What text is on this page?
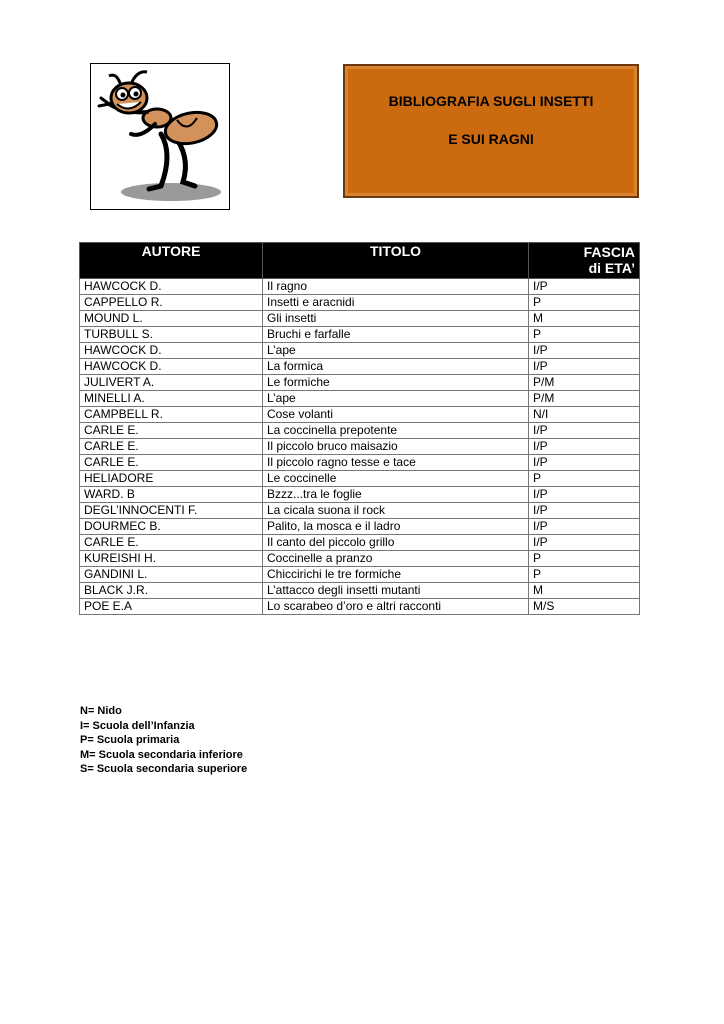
BIBLIOGRAFIA SUGLI INSETTI
E SUI RAGNI
AUTORE	TITOLO	FASCIA
di ETA’

HAWCOCK D.	Il ragno	I/P
CAPPELLO R.	Insetti e aracnidi	P
MOUND L.	Gli insetti	M
TURBULL S.	Bruchi e farfalle	P
HAWCOCK D.	L’ape	I/P
HAWCOCK D.	La formica	I/P
JULIVERT A.	Le formiche	P/M
MINELLI A.	L’ape	P/M
CAMPBELL R.	Cose volanti	N/I
CARLE E.	La coccinella prepotente	I/P
CARLE E.	Il piccolo bruco maisazio	I/P
CARLE E.	Il piccolo ragno tesse e tace	I/P
HELIADORE	Le coccinelle	P
WARD. B	Bzzz...tra le foglie	I/P
DEGL’INNOCENTI F.	La cicala suona il rock	I/P
DOURMEC B.	Palito, la mosca e il ladro	I/P
CARLE E.	Il canto del piccolo grillo	I/P
KUREISHI H.	Coccinelle a pranzo	P
GANDINI L.	Chiccirichi le tre formiche	P
BLACK J.R.	L’attacco degli insetti mutanti	M
POE E.A	Lo scarabeo d’oro e altri racconti	M/S
N= Nido
I= Scuola dell’Infanzia
P= Scuola primaria
M= Scuola secondaria inferiore
S= Scuola secondaria superiore
